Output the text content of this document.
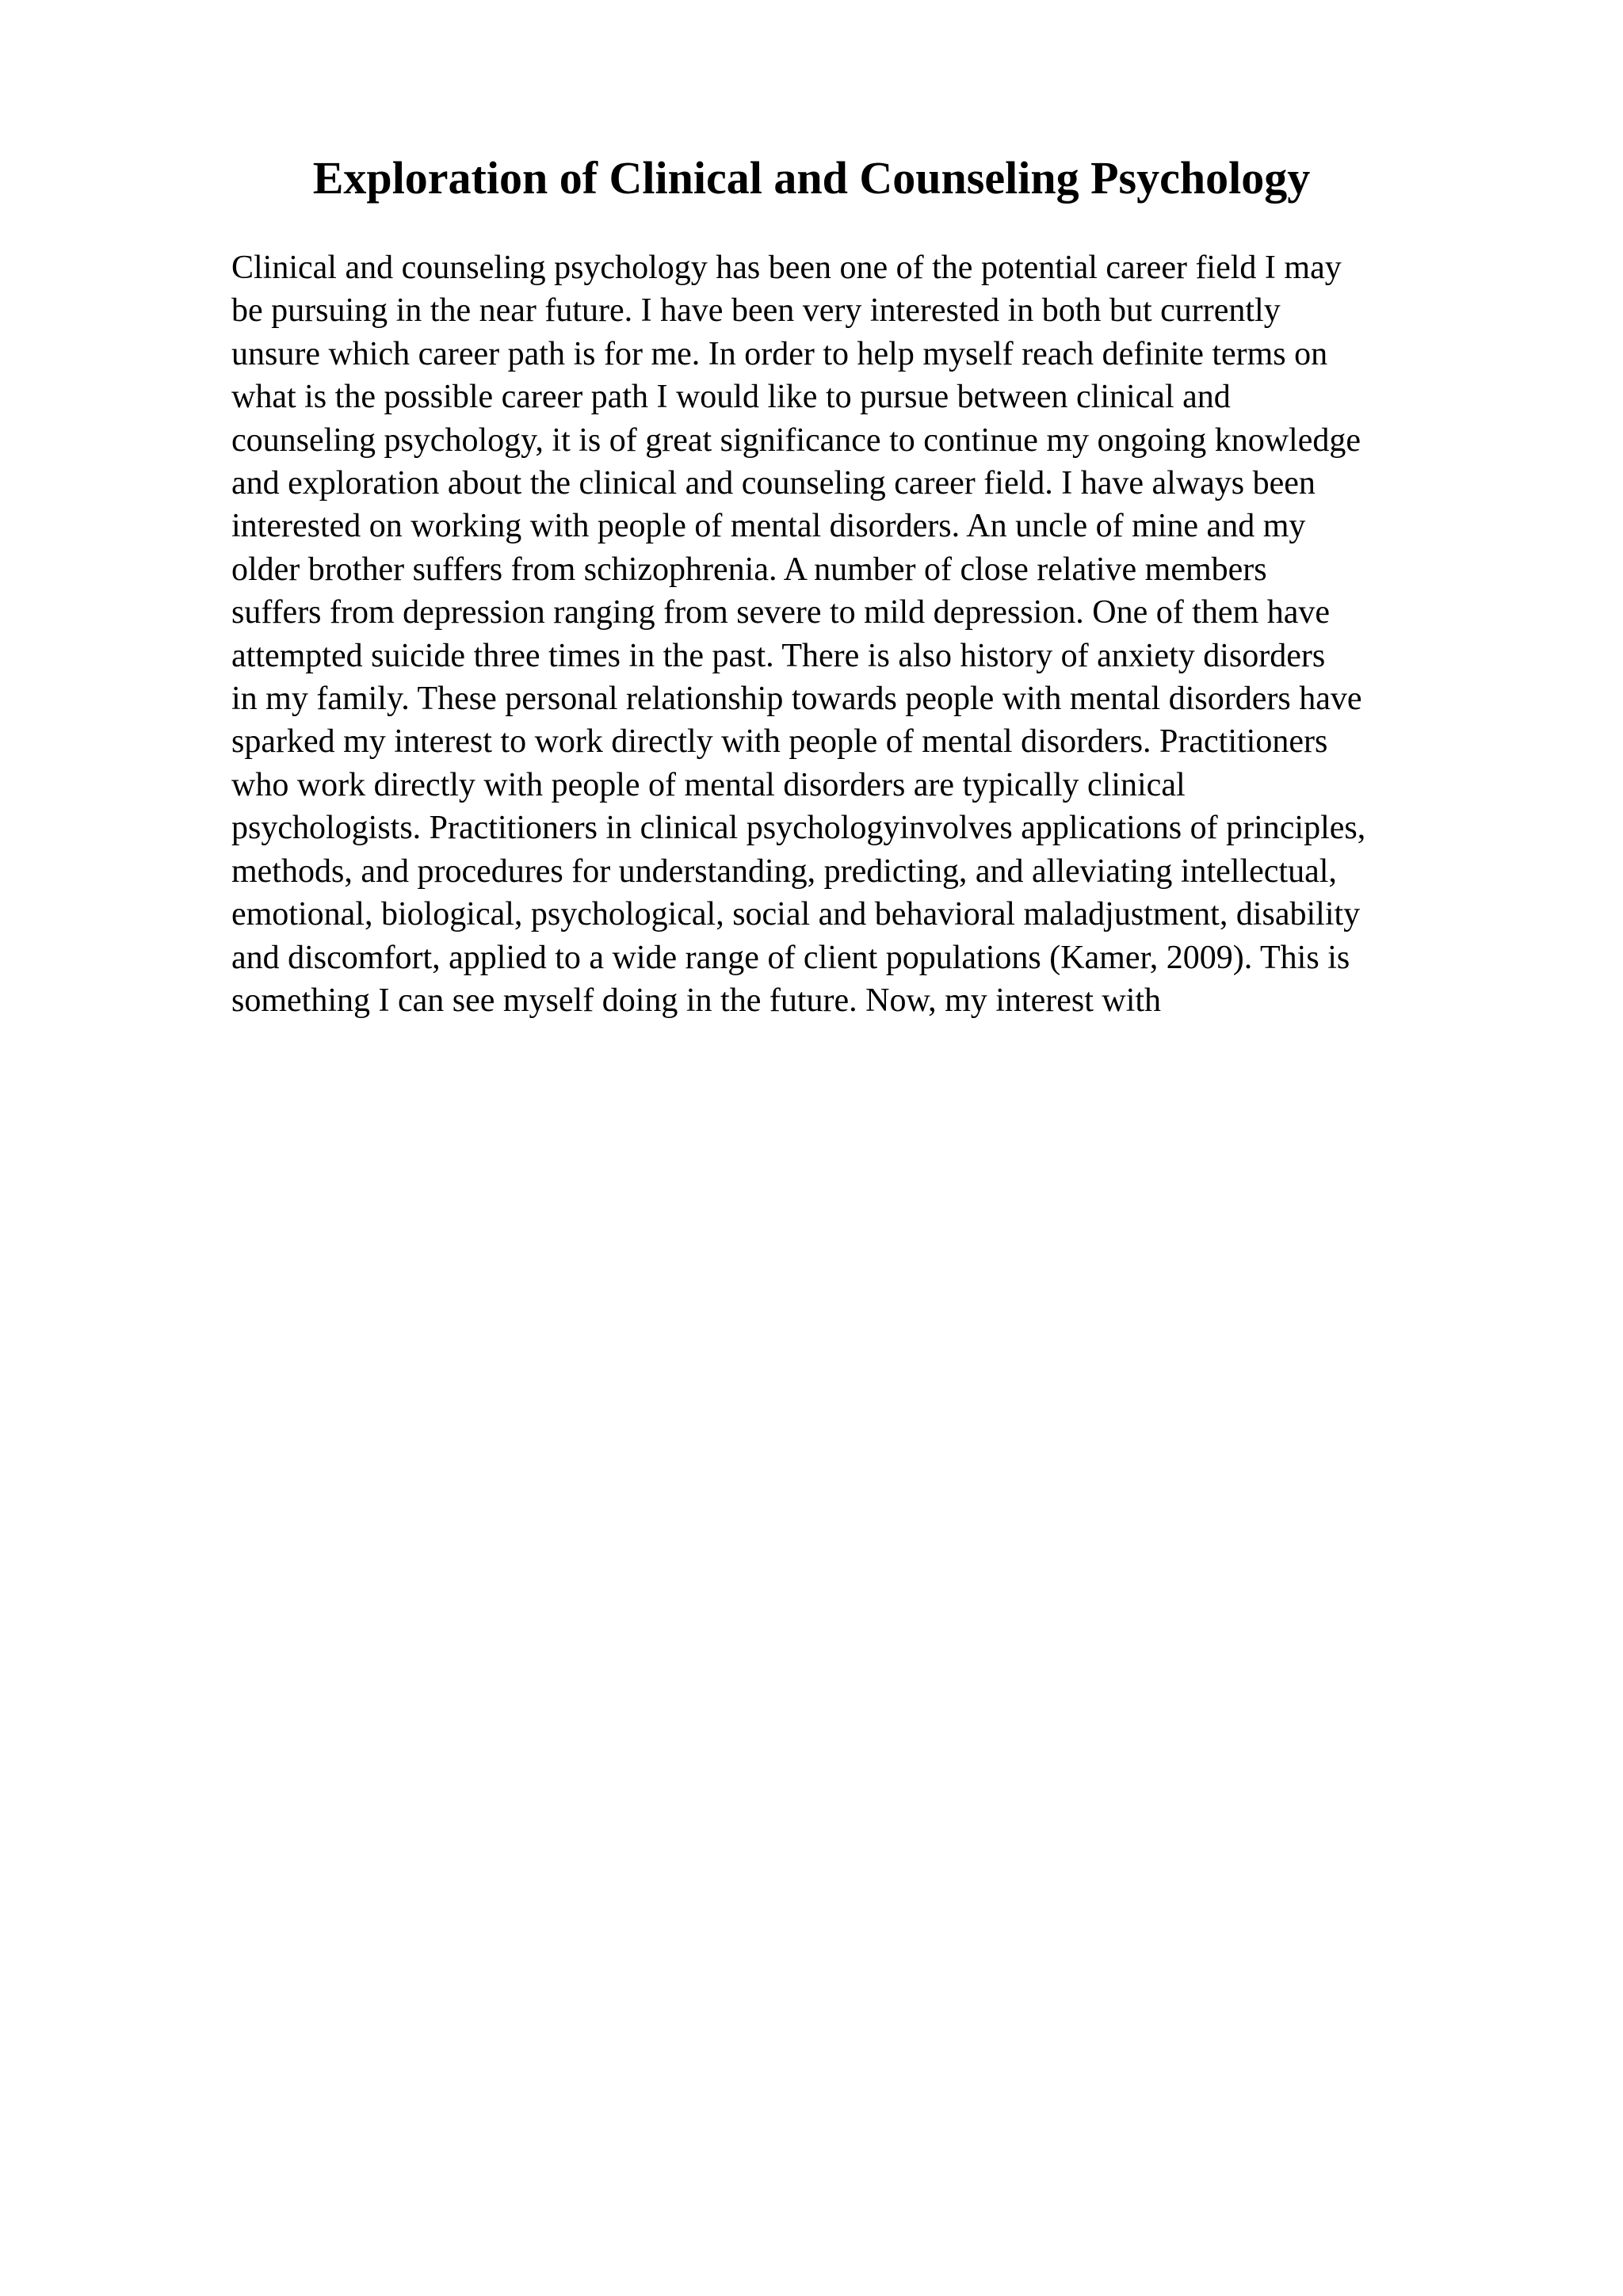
Exploration of Clinical and Counseling Psychology
Clinical and counseling psychology has been one of the potential career field I may
be pursuing in the near future. I have been very interested in both but currently
unsure which career path is for me. In order to help myself reach definite terms on
what is the possible career path I would like to pursue between clinical and
counseling psychology, it is of great significance to continue my ongoing knowledge
and exploration about the clinical and counseling career field. I have always been
interested on working with people of mental disorders. An uncle of mine and my
older brother suffers from schizophrenia. A number of close relative members
suffers from depression ranging from severe to mild depression. One of them have
attempted suicide three times in the past. There is also history of anxiety disorders
in my family. These personal relationship towards people with mental disorders have
sparked my interest to work directly with people of mental disorders. Practitioners
who work directly with people of mental disorders are typically clinical
psychologists. Practitioners in clinical psychologyinvolves applications of principles,
methods, and procedures for understanding, predicting, and alleviating intellectual,
emotional, biological, psychological, social and behavioral maladjustment, disability
and discomfort, applied to a wide range of client populations (Kamer, 2009). This is
something I can see myself doing in the future. Now, my interest with
